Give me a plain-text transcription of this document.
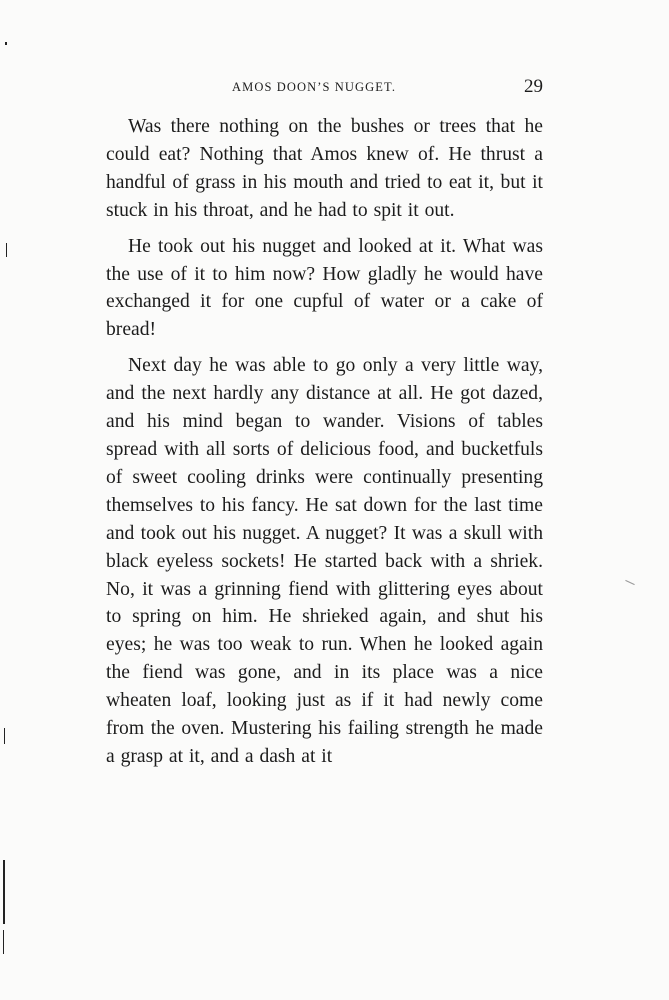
AMOS DOON’S NUGGET.	29

Was there nothing on the bushes or trees that he could eat? Nothing that Amos knew of. He thrust a handful of grass in his mouth and tried to eat it, but it stuck in his throat, and he had to spit it out.

He took out his nugget and looked at it. What was the use of it to him now? How gladly he would have exchanged it for one cupful of water or a cake of bread!

Next day he was able to go only a very little way, and the next hardly any distance at all. He got dazed, and his mind began to wander. Visions of tables spread with all sorts of delicious food, and bucketfuls of sweet cooling drinks were continually presenting themselves to his fancy. He sat down for the last time and took out his nugget. A nugget? It was a skull with black eyeless sockets! He started back with a shriek. No, it was a grinning fiend with glittering eyes about to spring on him. He shrieked again, and shut his eyes; he was too weak to run. When he looked again the fiend was gone, and in its place was a nice wheaten loaf, looking just as if it had newly come from the oven. Mustering his failing strength he made a grasp at it, and a dash at it
